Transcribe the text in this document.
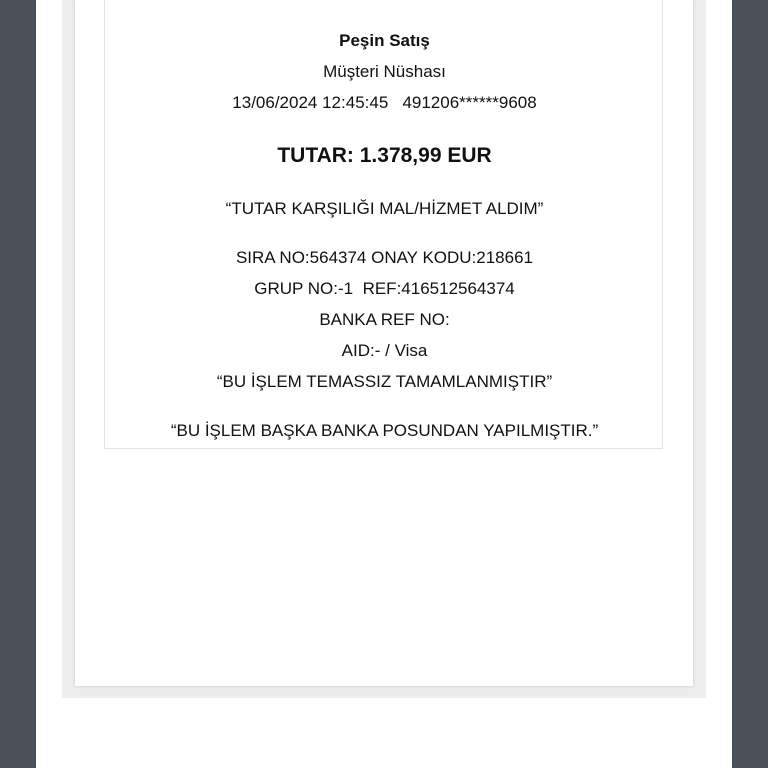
Peşin Satış
Müşteri Nüshası
13/06/2024 12:45:45   491206******9608
TUTAR: 1.378,99 EUR
“TUTAR KARŞILIĞI MAL/HİZMET ALDIM”
SIRA NO:564374 ONAY KODU:218661
GRUP NO:-1  REF:416512564374
BANKA REF NO:
AID:- / Visa
“BU İŞLEM TEMASSIZ TAMAMLANMIŞTIR”
“BU İŞLEM BAŞKA BANKA POSUNDAN YAPILMIŞTIR.”
